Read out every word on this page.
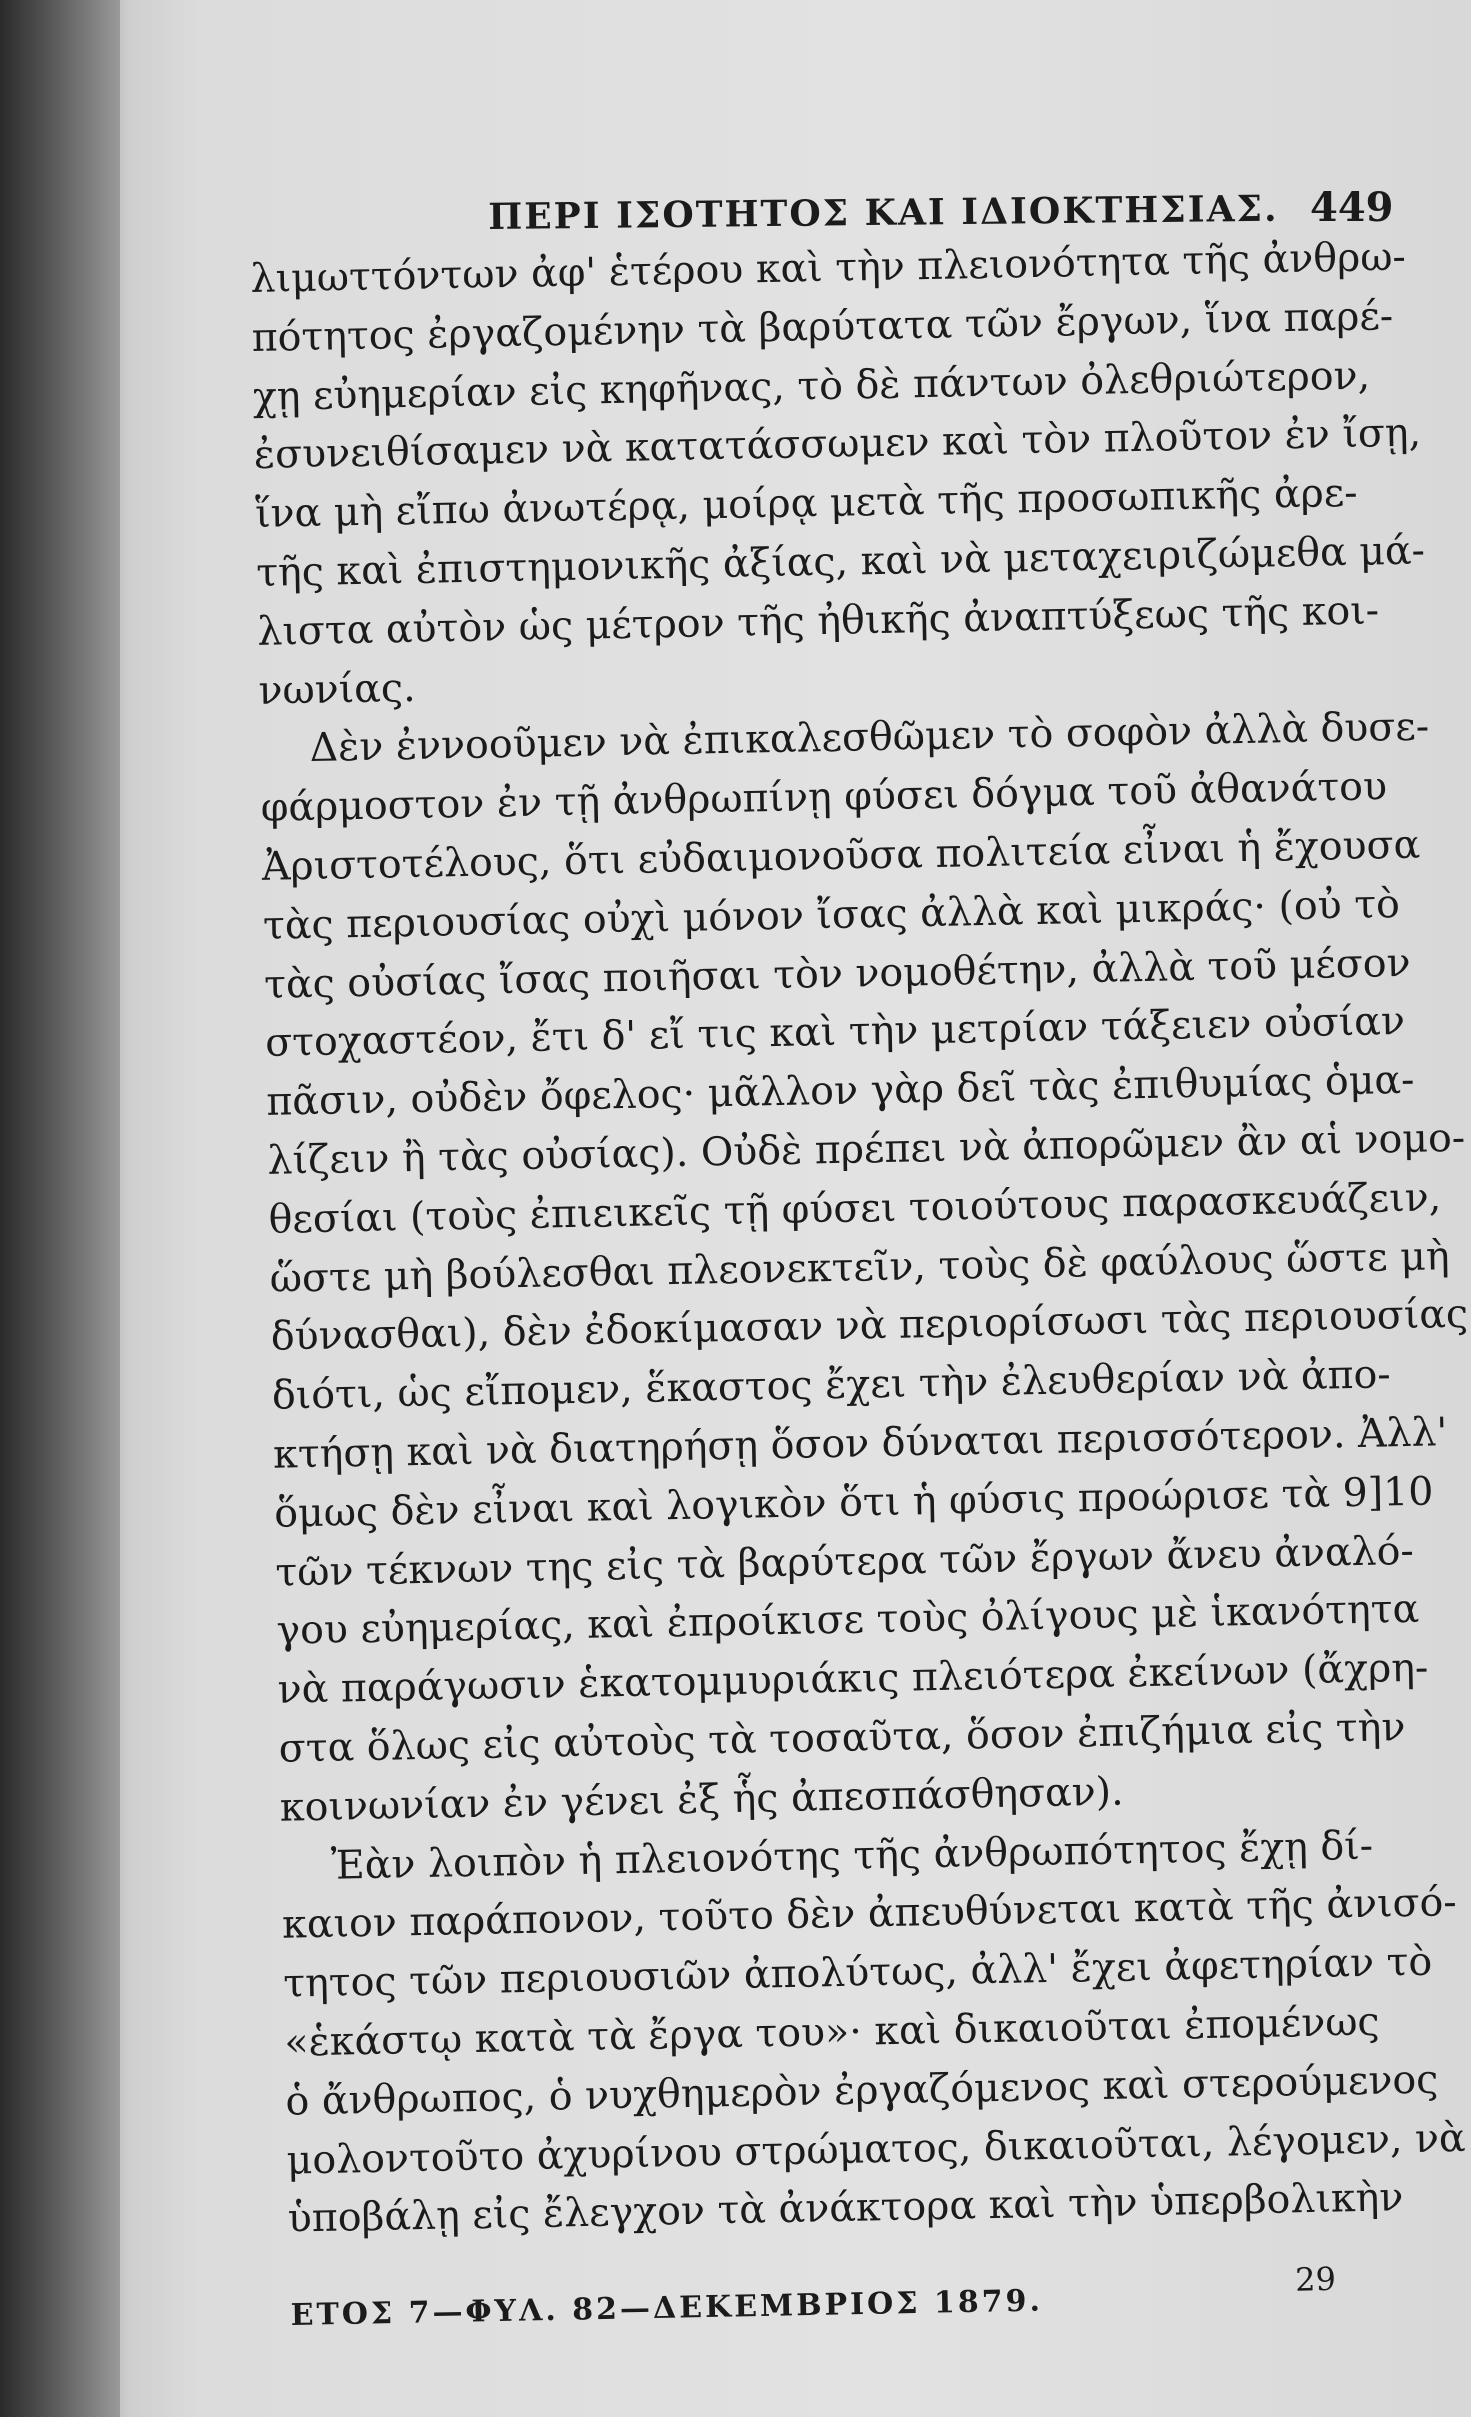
ΠΕΡΙ ΙΣΟΤΗΤΟΣ ΚΑΙ ΙΔΙΟΚΤΗΣΙΑΣ. 449
λιμωττόντων ἀφ' ἑτέρου καὶ τὴν πλειονότητα τῆς ἀνθρω-
πότητος ἐργαζομένην τὰ βαρύτατα τῶν ἔργων, ἵνα παρέ-
χῃ εὐημερίαν εἰς κηφῆνας, τὸ δὲ πάντων ὀλεθριώτερον,
ἐσυνειθίσαμεν νὰ κατατάσσωμεν καὶ τὸν πλοῦτον ἐν ἴσῃ,
ἵνα μὴ εἴπω ἀνωτέρᾳ, μοίρᾳ μετὰ τῆς προσωπικῆς ἀρε-
τῆς καὶ ἐπιστημονικῆς ἀξίας, καὶ νὰ μεταχειριζώμεθα μά-
λιστα αὐτὸν ὡς μέτρον τῆς ἠθικῆς ἀναπτύξεως τῆς κοι-
νωνίας.
Δὲν ἐννοοῦμεν νὰ ἐπικαλεσθῶμεν τὸ σοφὸν ἀλλὰ δυσε-
φάρμοστον ἐν τῇ ἀνθρωπίνῃ φύσει δόγμα τοῦ ἀθανάτου
Ἀριστοτέλους, ὅτι εὐδαιμονοῦσα πολιτεία εἶναι ἡ ἔχουσα
τὰς περιουσίας οὐχὶ μόνον ἴσας ἀλλὰ καὶ μικράς· (οὐ τὸ
τὰς οὐσίας ἴσας ποιῆσαι τὸν νομοθέτην, ἀλλὰ τοῦ μέσον
στοχαστέον, ἔτι δ' εἴ τις καὶ τὴν μετρίαν τάξειεν οὐσίαν
πᾶσιν, οὐδὲν ὄφελος· μᾶλλον γὰρ δεῖ τὰς ἐπιθυμίας ὁμα-
λίζειν ἢ τὰς οὐσίας). Οὐδὲ πρέπει νὰ ἀπορῶμεν ἂν αἱ νομο-
θεσίαι (τοὺς ἐπιεικεῖς τῇ φύσει τοιούτους παρασκευάζειν,
ὥστε μὴ βούλεσθαι πλεονεκτεῖν, τοὺς δὲ φαύλους ὥστε μὴ
δύνασθαι), δὲν ἐδοκίμασαν νὰ περιορίσωσι τὰς περιουσίας
διότι, ὡς εἴπομεν, ἕκαστος ἔχει τὴν ἐλευθερίαν νὰ ἀπο-
κτήσῃ καὶ νὰ διατηρήσῃ ὅσον δύναται περισσότερον. Ἀλλ'
ὅμως δὲν εἶναι καὶ λογικὸν ὅτι ἡ φύσις προώρισε τὰ 9]10
τῶν τέκνων της εἰς τὰ βαρύτερα τῶν ἔργων ἄνευ ἀναλό-
γου εὐημερίας, καὶ ἐπροίκισε τοὺς ὀλίγους μὲ ἱκανότητα
νὰ παράγωσιν ἑκατομμυριάκις πλειότερα ἐκείνων (ἄχρη-
στα ὅλως εἰς αὐτοὺς τὰ τοσαῦτα, ὅσον ἐπιζήμια εἰς τὴν
κοινωνίαν ἐν γένει ἐξ ἧς ἀπεσπάσθησαν).
Ἐὰν λοιπὸν ἡ πλειονότης τῆς ἀνθρωπότητος ἔχῃ δί-
καιον παράπονον, τοῦτο δὲν ἀπευθύνεται κατὰ τῆς ἀνισό-
τητος τῶν περιουσιῶν ἀπολύτως, ἀλλ' ἔχει ἀφετηρίαν τὸ
«ἑκάστῳ κατὰ τὰ ἔργα του»· καὶ δικαιοῦται ἐπομένως
ὁ ἄνθρωπος, ὁ νυχθημερὸν ἐργαζόμενος καὶ στερούμενος
μολοντοῦτο ἀχυρίνου στρώματος, δικαιοῦται, λέγομεν, νὰ
ὑποβάλῃ εἰς ἔλεγχον τὰ ἀνάκτορα καὶ τὴν ὑπερβολικὴν
ΕΤΟΣ 7—ΦΥΛ. 82—ΔΕΚΕΜΒΡΙΟΣ 1879.
29
